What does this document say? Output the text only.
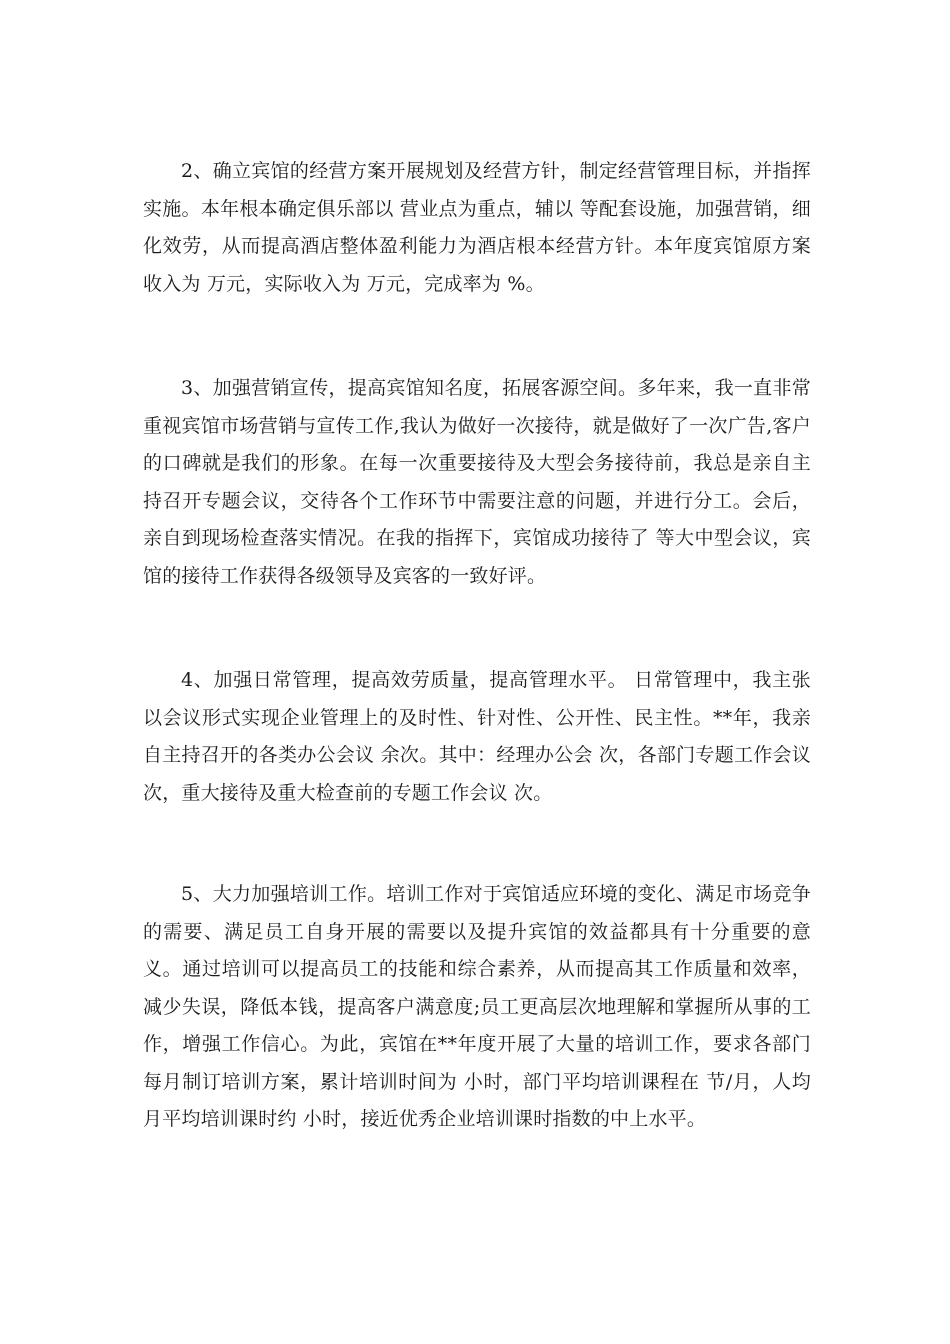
2、确立宾馆的经营方案开展规划及经营方针，制定经营管理目标，并指挥实施。本年根本确定俱乐部以 营业点为重点，辅以 等配套设施，加强营销，细化效劳，从而提高酒店整体盈利能力为酒店根本经营方针。本年度宾馆原方案收入为 万元，实际收入为 万元，完成率为 %。

3、加强营销宣传，提高宾馆知名度，拓展客源空间。多年来，我一直非常重视宾馆市场营销与宣传工作,我认为做好一次接待，就是做好了一次广告,客户的口碑就是我们的形象。在每一次重要接待及大型会务接待前，我总是亲自主持召开专题会议，交待各个工作环节中需要注意的问题，并进行分工。会后，亲自到现场检查落实情况。在我的指挥下，宾馆成功接待了 等大中型会议，宾馆的接待工作获得各级领导及宾客的一致好评。

4、加强日常管理，提高效劳质量，提高管理水平。 日常管理中，我主张以会议形式实现企业管理上的及时性、针对性、公开性、民主性。**年，我亲自主持召开的各类办公会议 余次。其中：经理办公会 次，各部门专题工作会议 次，重大接待及重大检查前的专题工作会议 次。

5、大力加强培训工作。培训工作对于宾馆适应环境的变化、满足市场竞争的需要、满足员工自身开展的需要以及提升宾馆的效益都具有十分重要的意义。通过培训可以提高员工的技能和综合素养，从而提高其工作质量和效率，减少失误，降低本钱，提高客户满意度;员工更高层次地理解和掌握所从事的工作，增强工作信心。为此，宾馆在**年度开展了大量的培训工作，要求各部门每月制订培训方案，累计培训时间为 小时，部门平均培训课程在 节/月，人均月平均培训课时约 小时，接近优秀企业培训课时指数的中上水平。
